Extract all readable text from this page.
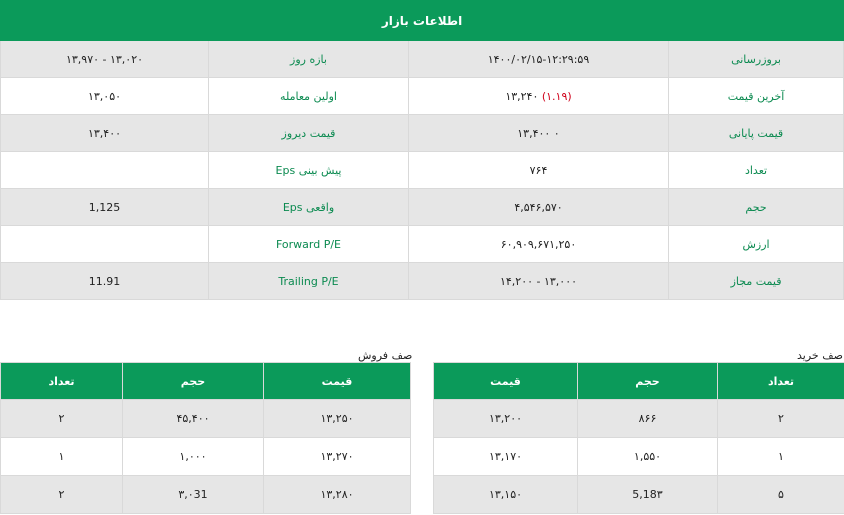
اطلاعات بازار			
۱۳,۹۷۰ - ۱۳,۰۲۰	بازه روز	۱۴۰۰/۰۲/۱۵-۱۲:۲۹:۵۹	بروزرسانی
۱۳,۰۵۰	اولین معامله	۱۳,۲۴۰ (۱.۱۹)	آخرین قیمت
۱۳,۴۰۰	قیمت دیروز	۱۳,۴۰۰ ۰	قیمت پایانی
	Eps پیش بینی	۷۶۴	تعداد
1,125	Eps واقعی	۴,۵۴۶,۵۷۰	حجم
	Forward P/E	۶۰,۹۰۹,۶۷۱,۲۵۰	ارزش
11.91	Trailing P/E	۱۴,۲۰۰ - ۱۳,۰۰۰	قیمت مجاز
صف فروش	صف خرید
تعداد	حجم	قیمت
۲	۴۵,۴۰۰	۱۳,۲۵۰
۱	۱,۰۰۰	۱۳,۲۷۰
۲	۳,۰31	۱۳,۲۸۰
قیمت	حجم	تعداد
۱۳,۲۰۰	۸۶۶	۲
۱۳,۱۷۰	۱,۵۵۰	۱
۱۳,۱۵۰	5,18۳	۵
